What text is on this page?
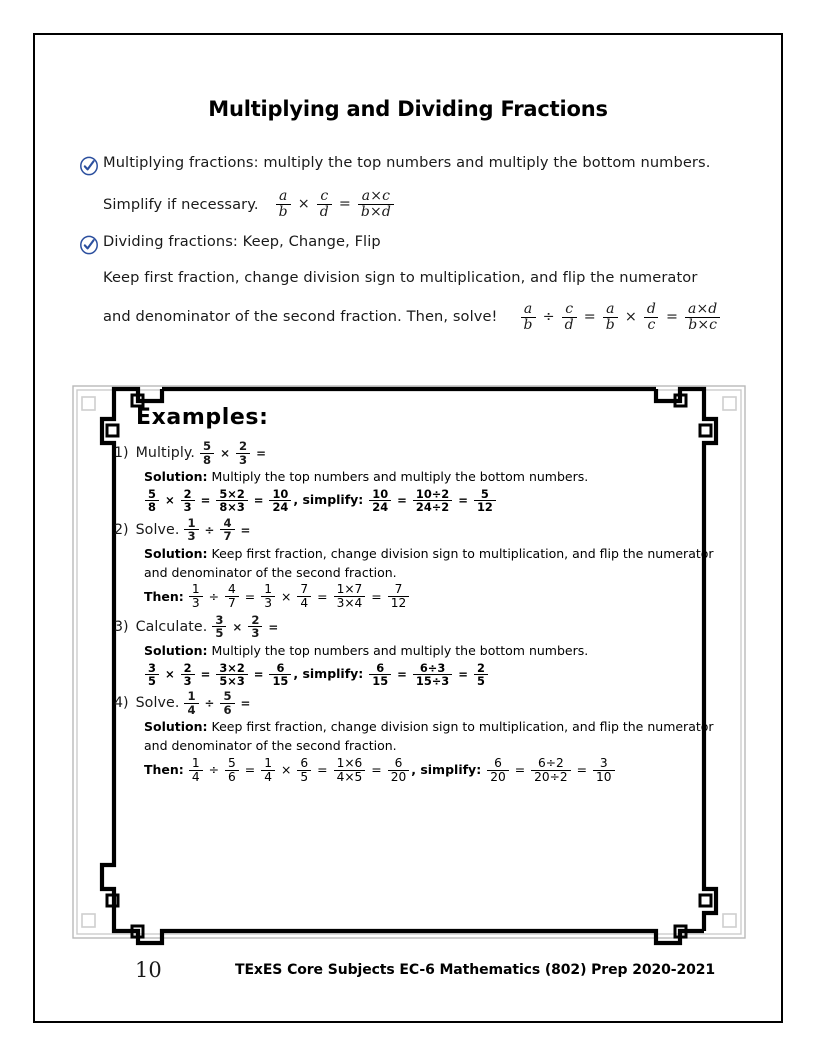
Multiplying and Dividing Fractions
Multiplying fractions: multiply the top numbers and multiply the bottom numbers.
Simplify if necessary. $\frac{a}{b} \times \frac{c}{d} = \frac{a\times c}{b\times d}$
Dividing fractions: Keep, Change, Flip
Keep first fraction, change division sign to multiplication, and flip the numerator
and denominator of the second fraction. Then, solve! $\frac{a}{b} \div \frac{c}{d} = \frac{a}{b} \times \frac{d}{c} = \frac{a\times d}{b\times c}$
Examples:
1) Multiply. $\frac{5}{8} \times \frac{2}{3}$ =
Solution: Multiply the top numbers and multiply the bottom numbers.
$\frac{5}{8} \times \frac{2}{3} = \frac{5\times 2}{8\times 3} = \frac{10}{24}$ , simplify: $\frac{10}{24} = \frac{10\div 2}{24\div 2} = \frac{5}{12}$
2) Solve. $\frac{1}{3} \div \frac{4}{7}$ =
Solution: Keep first fraction, change division sign to multiplication, and flip the numerator
and denominator of the second fraction.
Then: $\frac{1}{3} \div \frac{4}{7} = \frac{1}{3} \times \frac{7}{4} = \frac{1\times 7}{3\times 4} = \frac{7}{12}$
3) Calculate. $\frac{3}{5} \times \frac{2}{3}$ =
Solution: Multiply the top numbers and multiply the bottom numbers.
$\frac{3}{5} \times \frac{2}{3} = \frac{3\times 2}{5\times 3} = \frac{6}{15}$ , simplify: $\frac{6}{15} = \frac{6\div 3}{15\div 3} = \frac{2}{5}$
4) Solve. $\frac{1}{4} \div \frac{5}{6}$ =
Solution: Keep first fraction, change division sign to multiplication, and flip the numerator
and denominator of the second fraction.
Then: $\frac{1}{4} \div \frac{5}{6} = \frac{1}{4} \times \frac{6}{5} = \frac{1\times 6}{4\times 5} = \frac{6}{20}$ , simplify: $\frac{6}{20} = \frac{6\div 2}{20\div 2} = \frac{3}{10}$
10	TExES Core Subjects EC-6 Mathematics (802) Prep 2020-2021
